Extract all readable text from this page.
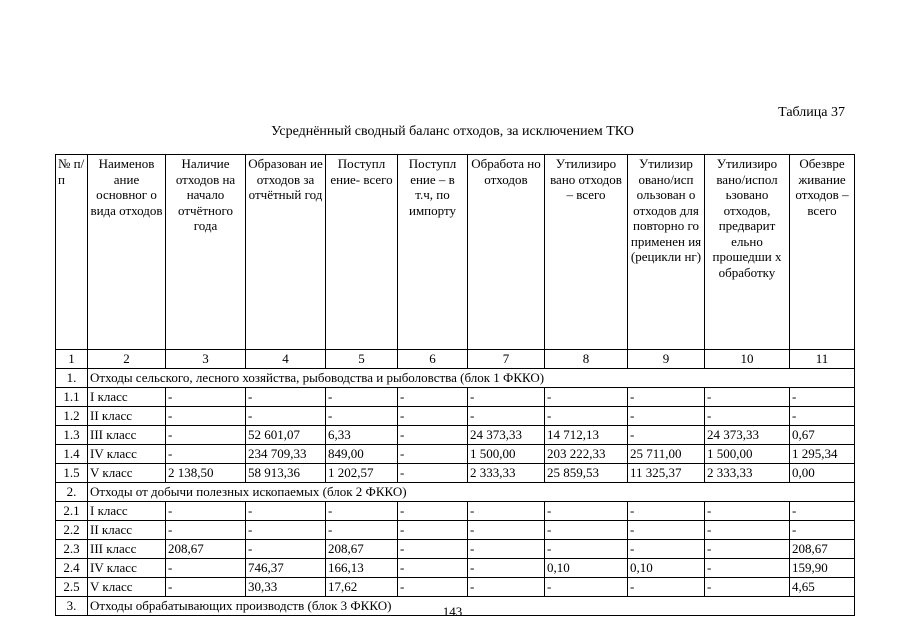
Таблица 37
Усреднённый сводный баланс отходов, за исключением ТКО
№ п/п	Наименов ание основног о вида отходов	Наличие отходов на начало отчётного года	Образован ие отходов за отчётный год	Поступл ение- всего	Поступл ение – в т.ч, по импорту	Обработа но отходов	Утилизиро вано отходов – всего	Утилизир овано/исп ользован о отходов для повторно го применен ия (рецикли нг)	Утилизиро вано/испол ьзовано отходов, предварит ельно прошедши х обработку	Обезвре живание отходов – всего
1	2	3	4	5	6	7	8	9	10	11
1.	Отходы сельского, лесного хозяйства, рыбоводства и рыболовства (блок 1 ФККО)									
1.1	I класс	-	-	-	-	-	-	-	-	-
1.2	II класс	-	-	-	-	-	-	-	-	-
1.3	III класс	-	52 601,07	6,33	-	24 373,33	14 712,13	-	24 373,33	0,67
1.4	IV класс	-	234 709,33	849,00	-	1 500,00	203 222,33	25 711,00	1 500,00	1 295,34
1.5	V класс	2 138,50	58 913,36	1 202,57	-	2 333,33	25 859,53	11 325,37	2 333,33	0,00
2.	Отходы от добычи полезных ископаемых (блок 2 ФККО)									
2.1	I класс	-	-	-	-	-	-	-	-	-
2.2	II класс	-	-	-	-	-	-	-	-	-
2.3	III класс	208,67	-	208,67	-	-	-	-	-	208,67
2.4	IV класс	-	746,37	166,13	-	-	0,10	0,10	-	159,90
2.5	V класс	-	30,33	17,62	-	-	-	-	-	4,65
3.	Отходы обрабатывающих производств (блок 3 ФККО)										143
